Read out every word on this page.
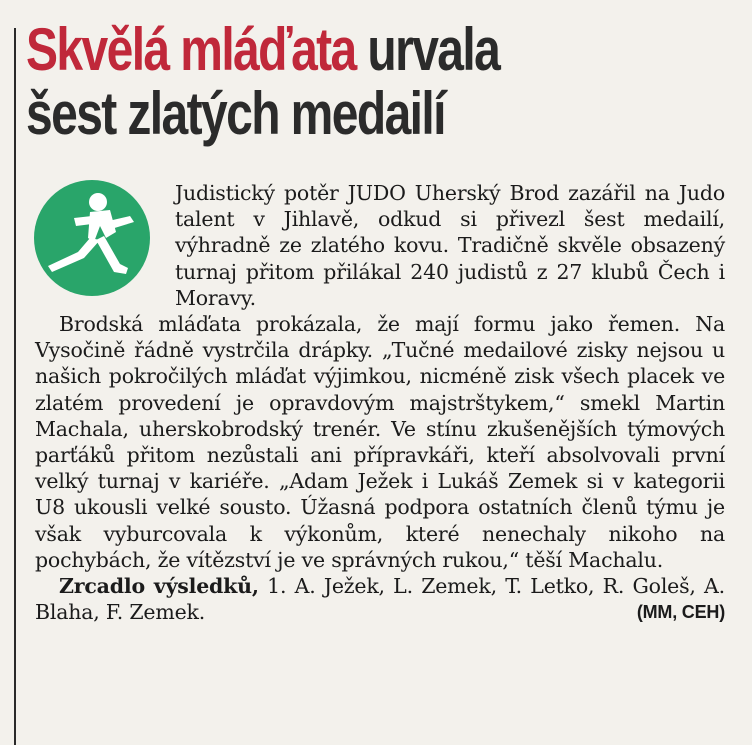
Skvělá mláďata urvala
šest zlatých medailí

Judistický potěr JUDO Uherský Brod zazářil na Judo talent v Jihlavě, odkud si přivezl šest medailí, výhradně ze zlatého kovu. Tradičně skvěle obsazený turnaj přitom přilákal 240 judistů z 27 klubů Čech i Moravy.

Brodská mláďata prokázala, že mají formu jako řemen. Na Vysočině řádně vystrčila drápky. „Tučné medailové zisky nejsou u našich pokročilých mláďat výjimkou, nicméně zisk všech placek ve zlatém provedení je opravdovým majstrštykem,“ smekl Martin Machala, uherskobrodský trenér. Ve stínu zkušenějších týmových parťáků přitom nezůstali ani přípravkáři, kteří absolvovali první velký turnaj v kariéře. „Adam Ježek i Lukáš Zemek si v kategorii U8 ukousli velké sousto. Úžasná podpora ostatních členů týmu je však vyburcovala k výkonům, které nenechaly nikoho na pochybách, že vítězství je ve správných rukou,“ těší Machalu.

Zrcadlo výsledků, 1. A. Ježek, L. Zemek, T. Letko, R. Goleš, A. Blaha, F. Zemek.	(MM, CEH)
